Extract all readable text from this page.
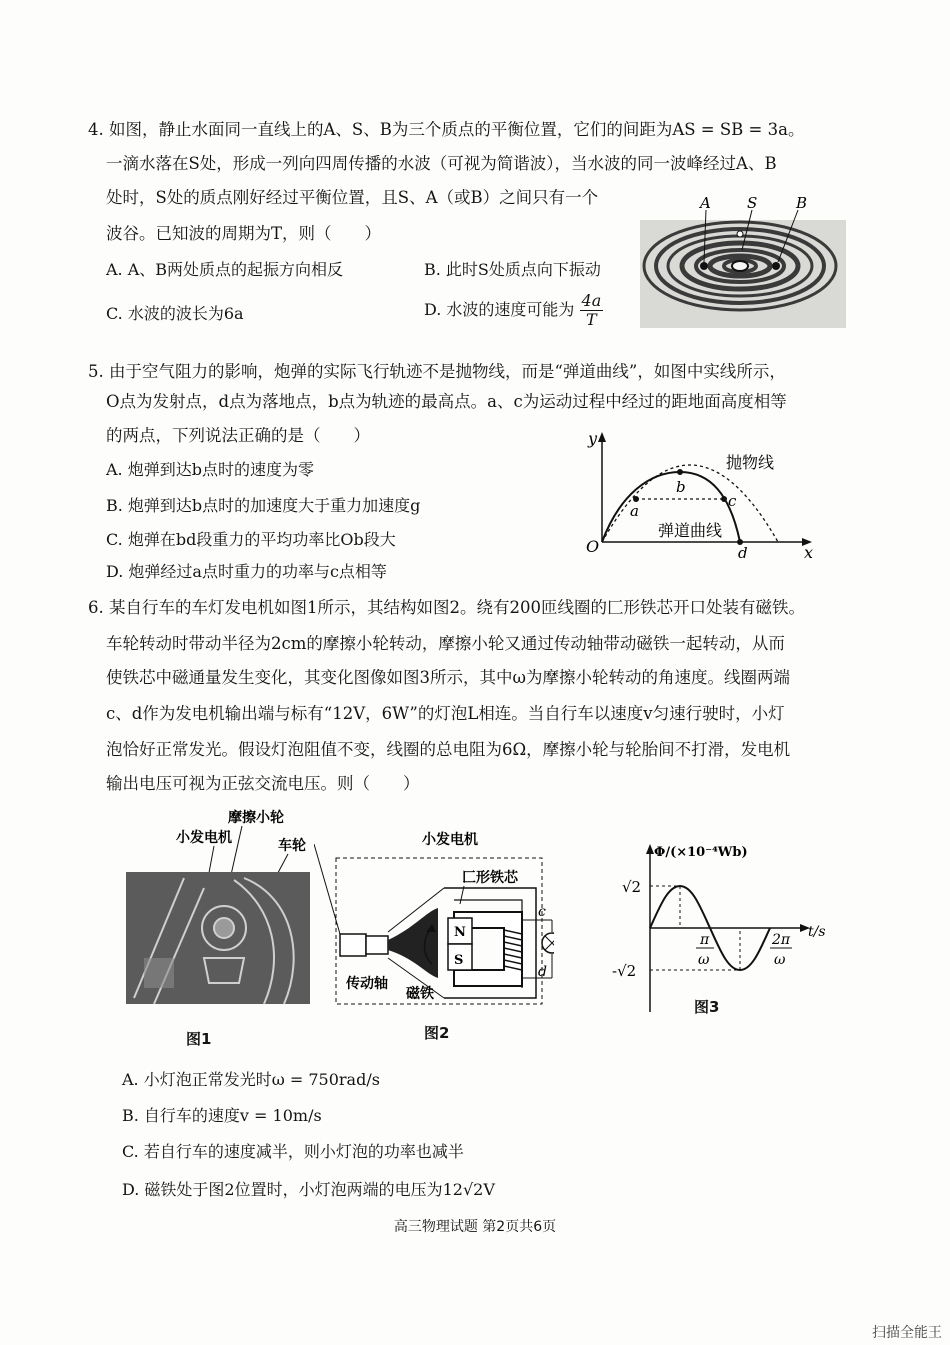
4. 如图，静止水面同一直线上的A、S、B为三个质点的平衡位置，它们的间距为AS = SB = 3a。
一滴水落在S处，形成一列向四周传播的水波（可视为简谐波），当水波的同一波峰经过A、B
处时，S处的质点刚好经过平衡位置，且S、A（或B）之间只有一个
波谷。已知波的周期为T，则（　　）
A. A、B两处质点的起振方向相反	B. 此时S处质点向下振动
C. 水波的波长为6a	D. 水波的速度可能为 $\frac{4a}{T}$
A S	B
5. 由于空气阻力的影响，炮弹的实际飞行轨迹不是抛物线，而是“弹道曲线”，如图中实线所示，
O点为发射点，d点为落地点，b点为轨迹的最高点。a、c为运动过程中经过的距地面高度相等
的两点，下列说法正确的是（　　）
A. 炮弹到达b点时的速度为零
B. 炮弹到达b点时的加速度大于重力加速度g
C. 炮弹在bd段重力的平均功率比Ob段大
D. 炮弹经过a点时重力的功率与c点相等
y
x
O
抛物线
弹道曲线
a
b
c
d
6. 某自行车的车灯发电机如图1所示，其结构如图2。绕有200匝线圈的匚形铁芯开口处装有磁铁。
车轮转动时带动半径为2cm的摩擦小轮转动，摩擦小轮又通过传动轴带动磁铁一起转动，从而
使铁芯中磁通量发生变化，其变化图像如图3所示，其中ω为摩擦小轮转动的角速度。线圈两端
c、d作为发电机输出端与标有“12V，6W”的灯泡L相连。当自行车以速度v匀速行驶时，小灯
泡恰好正常发光。假设灯泡阻值不变，线圈的总电阻为6Ω，摩擦小轮与轮胎间不打滑，发电机
输出电压可视为正弦交流电压。则（　　）
摩擦小轮
小发电机	车轮
图1
小发电机
N
S
匚形铁芯
传动轴
磁铁
c
d
图2
Φ/(×10⁻⁴Wb)
t/s
√2
-√2
π
ω
2π
ω
图3
A. 小灯泡正常发光时ω = 750rad/s
B. 自行车的速度v = 10m/s
C. 若自行车的速度减半，则小灯泡的功率也减半
D. 磁铁处于图2位置时，小灯泡两端的电压为12√2V
高三物理试题 第2页共6页
扫描全能王
